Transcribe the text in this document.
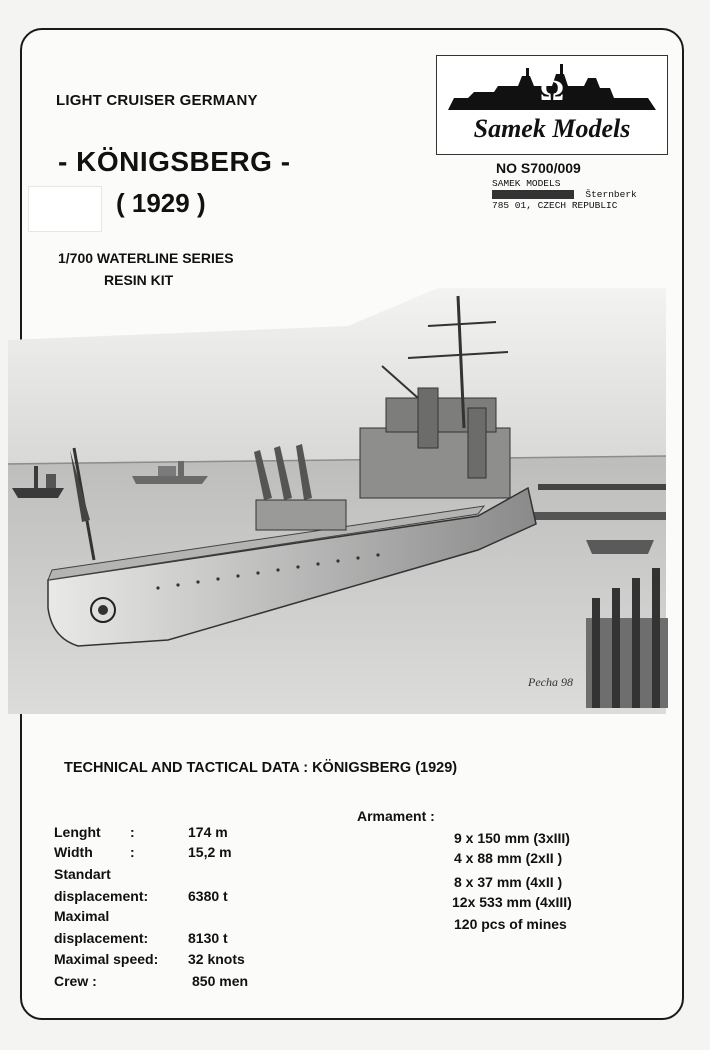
LIGHT CRUISER GERMANY
- KÖNIGSBERG -
( 1929 )
1/700 WATERLINE SERIES
RESIN KIT
Ω
Samek Models
NO S700/009
SAMEK MODELS
Šternberk
785 01, CZECH REPUBLIC
Pecha 98
TECHNICAL AND TACTICAL DATA : KÖNIGSBERG (1929)
Lenght :	174 m
Width	:	15,2 m
Standart
displacement:	6380 t
Maximal
displacement:	8130 t
Maximal speed: 32 knots
Crew :	850 men
Armament :
9 x 150 mm (3xIII)
4 x 88 mm (2xII )
8 x 37 mm (4xII )
12x 533 mm (4xIII)
120 pcs of mines
